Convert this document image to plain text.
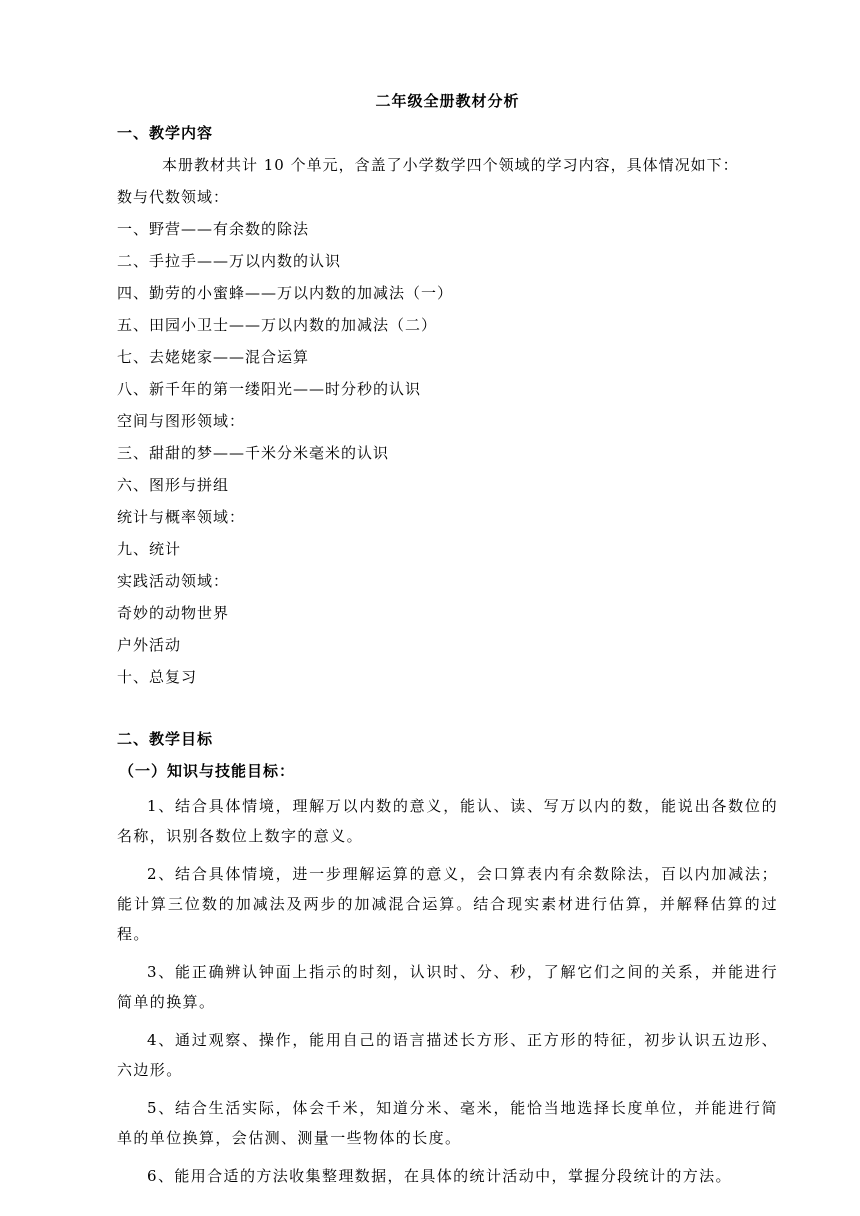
二年级全册教材分析
一、教学内容
本册教材共计 10 个单元，含盖了小学数学四个领域的学习内容，具体情况如下：
数与代数领域：
一、野营——有余数的除法
二、手拉手——万以内数的认识
四、勤劳的小蜜蜂——万以内数的加减法（一）
五、田园小卫士——万以内数的加减法（二）
七、去姥姥家——混合运算
八、新千年的第一缕阳光——时分秒的认识
空间与图形领域：
三、甜甜的梦——千米分米毫米的认识
六、图形与拼组
统计与概率领域：
九、统计
实践活动领域：
奇妙的动物世界
户外活动
十、总复习
二、教学目标
（一）知识与技能目标：
1、结合具体情境，理解万以内数的意义，能认、读、写万以内的数，能说出各数位的名称，识别各数位上数字的意义。
2、结合具体情境，进一步理解运算的意义，会口算表内有余数除法，百以内加减法；能计算三位数的加减法及两步的加减混合运算。结合现实素材进行估算，并解释估算的过程。
3、能正确辨认钟面上指示的时刻，认识时、分、秒，了解它们之间的关系，并能进行简单的换算。
4、通过观察、操作，能用自己的语言描述长方形、正方形的特征，初步认识五边形、六边形。
5、结合生活实际，体会千米，知道分米、毫米，能恰当地选择长度单位，并能进行简单的单位换算，会估测、测量一些物体的长度。
6、能用合适的方法收集整理数据，在具体的统计活动中，掌握分段统计的方法。
